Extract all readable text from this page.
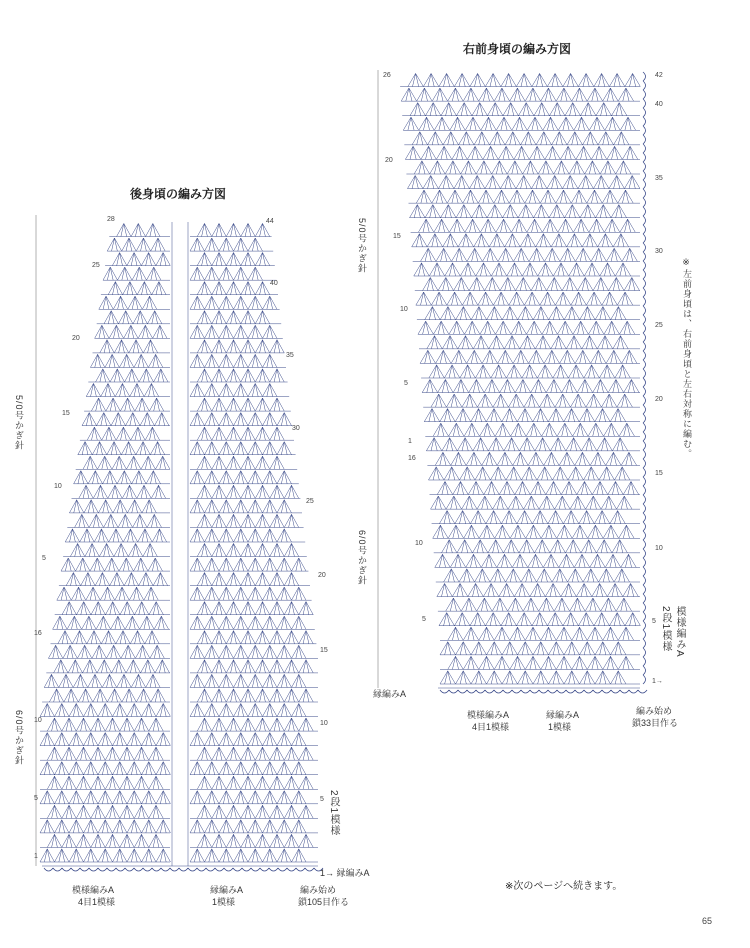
後身頃の編み方図
5/0号かぎ針
6/0号かぎ針
28
25
20
15
10
5
16
10
5
1
44
40
35
30
25
20
15
10
5 2段1模様
1→ 縁編みA
模様編みA
4目1模様
縁編みA
1模様
編み始め
鎖105目作る
右前身頃の編み方図
5/0号かぎ針
6/0号かぎ針
26
20
15
10
5
1
16
10
5
42
40
35
30
25
20
15
10
5
1→
2段1模様 模様編みA
縁編みA
模様編みA
4目1模様
縁編みA
1模様
編み始め
鎖33目作る
※左前身頃は、右前身頃と左右対称に編む。
※次のページへ続きます。
65
